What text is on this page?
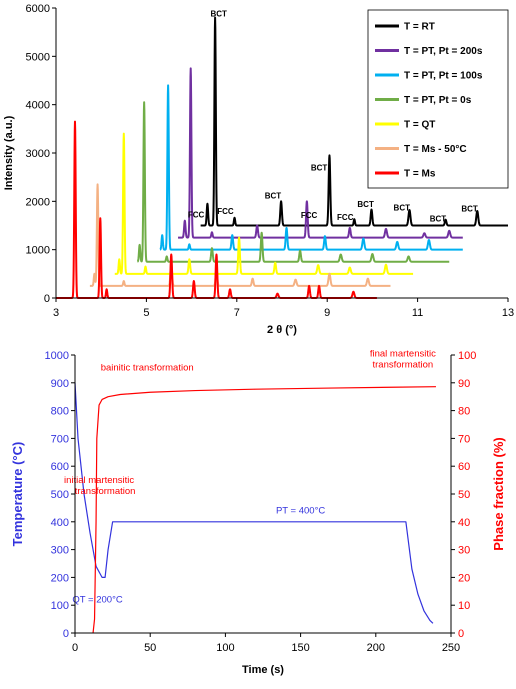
BCT
FCC FCC
BCT
BCT
FCC FCC
BCT BCT
BCT
BCT
3	5	7	9	11	13
0
1000
2000
3000
4000
5000
6000
2 θ (°)
Intensity (a.u.)
T = RT
T = PT, Pt = 200s
T = PT, Pt = 100s
T = PT, Pt = 0s
T = QT
T = Ms - 50°C
T = Ms
bainitic transformation
final martensitic
transformation
initial martensitic
transformation
PT = 400°C
QT = 200°C
0	50	100	150	200	250
0
100
200
300
400
500
600
700
800
900
1000
0
10
20
30
40
50
60
70
80
90
100
Time (s)
Temperature (°C)	Phase fraction (%)
